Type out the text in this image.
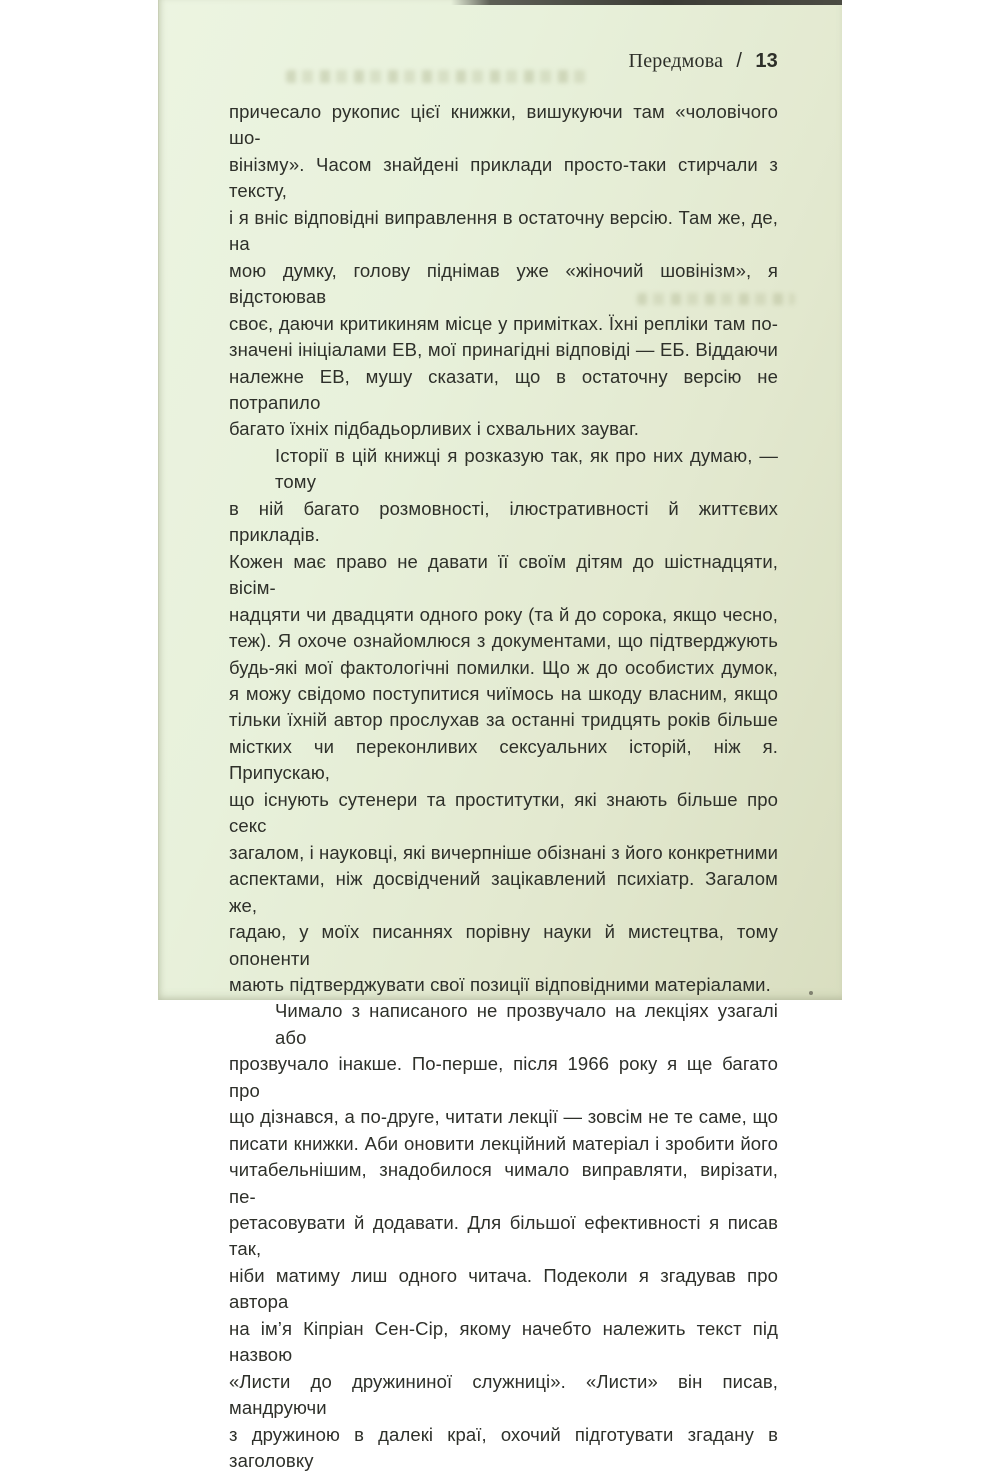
Передмова / 13
причесало рукопис цієї книжки, вишукуючи там «чоловічого шо-
вінізму». Часом знайдені приклади просто-таки стирчали з тексту,
і я вніс відповідні виправлення в остаточну версію. Там же, де, на
мою думку, голову піднімав уже «жіночий шовінізм», я відстоював
своє, даючи критикиням місце у примітках. Їхні репліки там по-
значені ініціалами ЕВ, мої принагідні відповіді — ЕБ. Віддаючи
належне ЕВ, мушу сказати, що в остаточну версію не потрапило
багато їхніх підбадьорливих і схвальних зауваг.
Історії в цій книжці я розказую так, як про них думаю, — тому
в ній багато розмовності, ілюстративності й життєвих прикладів.
Кожен має право не давати її своїм дітям до шістнадцяти, вісім-
надцяти чи двадцяти одного року (та й до сорока, якщо чесно,
теж). Я охоче ознайомлюся з документами, що підтверджують
будь-які мої фактологічні помилки. Що ж до особистих думок,
я можу свідомо поступитися чиїмось на шкоду власним, якщо
тільки їхній автор прослухав за останні тридцять років більше
містких чи переконливих сексуальних історій, ніж я. Припускаю,
що існують сутенери та проститутки, які знають більше про секс
загалом, і науковці, які вичерпніше обізнані з його конкретними
аспектами, ніж досвідчений зацікавлений психіатр. Загалом же,
гадаю, у моїх писаннях порівну науки й мистецтва, тому опоненти
мають підтверджувати свої позиції відповідними матеріалами.
Чимало з написаного не прозвучало на лекціях узагалі або
прозвучало інакше. По-перше, після 1966 року я ще багато про
що дізнався, а по-друге, читати лекції — зовсім не те саме, що
писати книжки. Аби оновити лекційний матеріал і зробити його
читабельнішим, знадобилося чимало виправляти, вирізати, пе-
ретасовувати й додавати. Для більшої ефективності я писав так,
ніби матиму лиш одного читача. Подеколи я згадував про автора
на ім’я Кіпріан Сен-Сір, якому начебто належить текст під назвою
«Листи до дружининої служниці». «Листи» він писав, мандруючи
з дружиною в далекі краї, охочий підготувати згадану в заголовку
